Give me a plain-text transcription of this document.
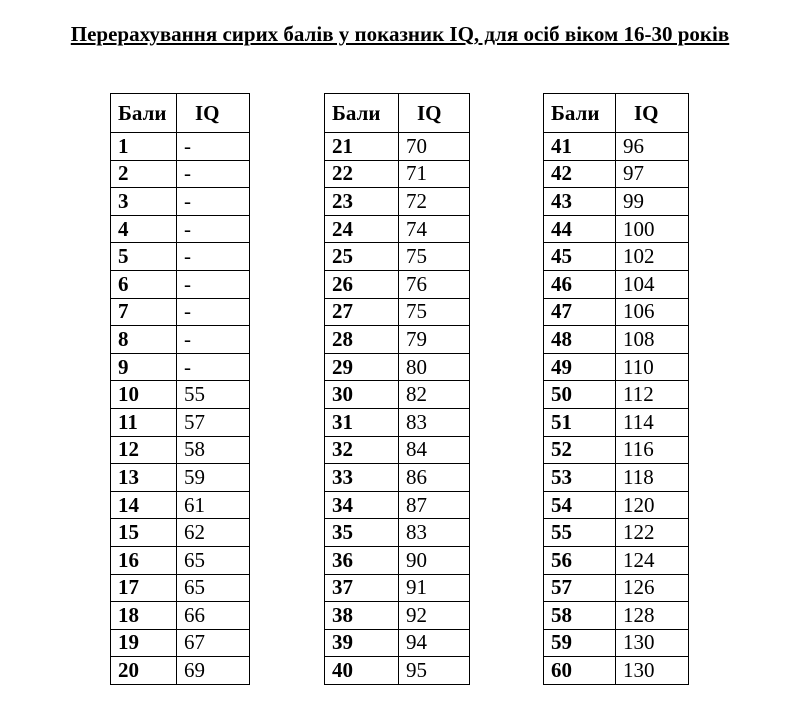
Перерахування сирих балів у показник IQ, для осіб віком 16-30 років
Бали	IQ
1	-
2	-
3	-
4	-
5	-
6	-
7	-
8	-
9	-
10	55
11	57
12	58
13	59
14	61
15	62
16	65
17	65
18	66
19	67
20	69
Бали	IQ
21	70
22	71
23	72
24	74
25	75
26	76
27	75
28	79
29	80
30	82
31	83
32	84
33	86
34	87
35	83
36	90
37	91
38	92
39	94
40	95
Бали	IQ
41	96
42	97
43	99
44	100
45	102
46	104
47	106
48	108
49	110
50	112
51	114
52	116
53	118
54	120
55	122
56	124
57	126
58	128
59	130
60	130
